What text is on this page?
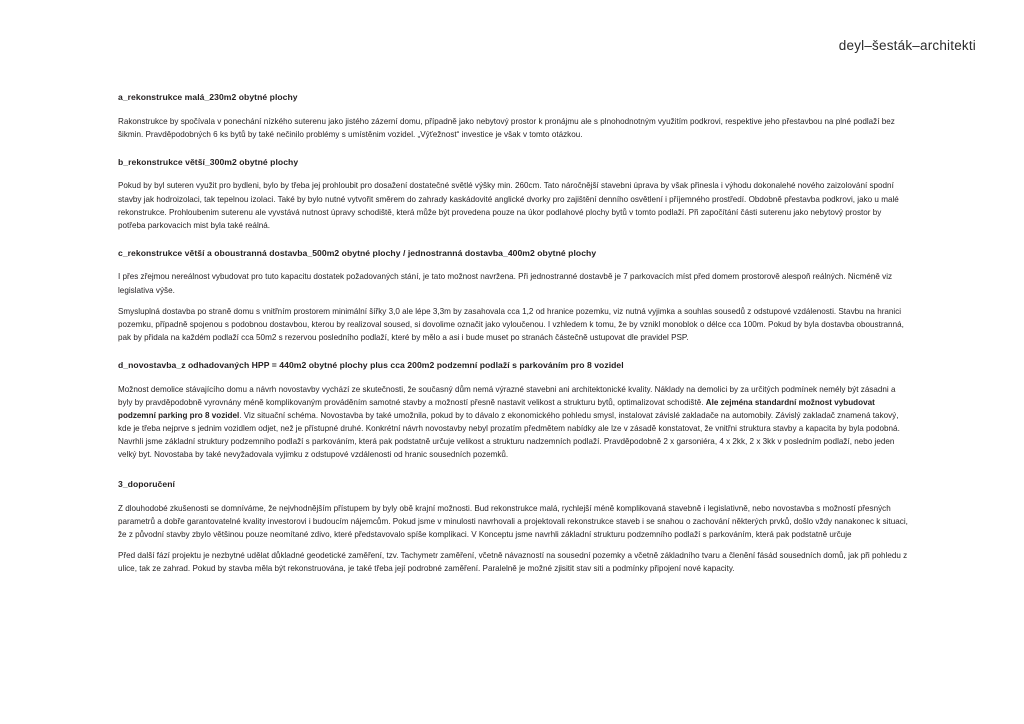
deyl–šesták–architekti
a_rekonstrukce malá_230m2 obytné plochy

Rakonstrukce by spočívala v ponechání nízkého suterenu jako jistého zázerní domu, případně jako nebytový prostor k pronájmu ale s plnohodnotným využitím podkrovi, respektive jeho přestavbou na plné podlaží bez šikmin. Pravděpodobných 6 ks bytů by také nečinilo problémy s umístěnim vozidel. „Výťežnost“ investice je však v tomto otázkou.

b_rekonstrukce větší_300m2 obytné plochy

Pokud by byl suteren využit pro bydleni, bylo by třeba jej prohloubit pro dosažení dostatečné světlé výšky min. 260cm. Tato náročnější stavebni úprava by však přinesla i výhodu dokonalehé nového zaizolování spodní stavby jak hodroizolaci, tak tepelnou izolaci. Také by bylo nutné vytvořit směrem do zahrady kaskádovité anglické dvorky pro zajištění denního osvětlení i příjemného prostředí. Obdobně přestavba podkrovi, jako u malé rekonstrukce. Prohloubenim suterenu ale vyvstává nutnost úpravy schodiště, která může být provedena pouze na úkor podlahové plochy bytů v tomto podlaží. Při započítání části suterenu jako nebytový prostor by potřeba parkovacich mist byla také reálná.

c_rekonstrukce větší a oboustranná dostavba_500m2 obytné plochy / jednostranná dostavba_400m2 obytné plochy

I přes zřejmou nereálnost vybudovat pro tuto kapacitu dostatek požadovaných stání, je tato možnost navržena. Při jednostranné dostavbě je 7 parkovacích míst před domem prostorově alespoň reálných. Nicméně viz legislativa výše.

Smysluplná dostavba po straně domu s vnitřním prostorem minimální šířky 3,0 ale lépe 3,3m by zasahovala cca 1,2 od hranice pozemku, viz nutná vyjimka a souhlas sousedů z odstupové vzdálenosti. Stavbu na hranici pozemku, případně spojenou s podobnou dostavbou, kterou by realizoval soused, si dovolime označit jako vyloučenou. I vzhledem k tomu, že by vznikl monoblok o délce cca 100m. Pokud by byla dostavba oboustranná, pak by přidala na každém podlaží cca 50m2 s rezervou posledního podlaží, které by mělo a asi i bude muset po stranách částečně ustupovat dle pravidel PSP.

d_novostavba_z odhadovaných HPP = 440m2 obytné plochy plus cca 200m2 podzemní podlaží s parkováním pro 8 vozidel

Možnost demolice stávajícího domu a návrh novostavby vychází ze skutečnosti, že současný dům nemá výrazné stavebni ani architektonické kvality. Náklady na demolici by za určitých podmínek nemély být zásadni a byly by pravděpodobně vyrovnány méně komplikovaným prováděním samotné stavby a možností přesně nastavit velikost a strukturu bytů, optimalizovat schodiště. Ale zejména standardní možnost vybudovat podzemní parking pro 8 vozidel. Viz situační schéma. Novostavba by také umožnila, pokud by to dávalo z ekonomického pohledu smysl, instalovat závislé zakladače na automobily. Závislý zakladač znamená takový, kde je třeba nejprve s jednim vozidlem odjet, než je přístupné druhé. Konkrétní návrh novostavby nebyl prozatím předmětem nabídky ale lze v zásadě konstatovat, že vnitřni struktura stavby a kapacita by byla podobná.

Navrhli jsme základní struktury podzemniho podlaží s parkováním, která pak podstatně určuje velikost a strukturu nadzemních podlaží. Pravděpodobně 2 x garsoniéra, 4 x 2kk, 2 x 3kk v posledním podlaží, nebo jeden velký byt. Novostaba by také nevyžadovala vyjimku z odstupové vzdálenosti od hranic sousedních pozemků.

3_doporučení

Z dlouhodobé zkušenosti se domníváme, že nejvhodnějším přístupem by byly obě krajní možnosti. Bud rekonstrukce malá, rychlejší méně komplikovaná stavebně i legislativně, nebo novostavba s možností přesných parametrů a dobře garantovatelné kvality investorovi i budoucím nájemcům. Pokud jsme v minulosti navrhovali a projektovali rekonstrukce staveb i se snahou o zachování některých prvků, došlo vždy nanakonec k situaci, že z původní stavby zbylo většinou pouze neomítané zdivo, které představovalo spíše komplikaci. V Konceptu jsme navrhli základní strukturu podzemního podlaží s parkováním, která pak podstatně určuje

Před další fází projektu je nezbytné udělat důkladné geodetické zaměření, tzv. Tachymetr zaměření, včetně návazností na sousední pozemky a včetně základního tvaru a členění fásád sousedních domů, jak při pohledu z ulice, tak ze zahrad. Pokud by stavba měla být rekonstruována, je také třeba její podrobné zaměření. Paralelně je možné zjisitit stav siti a podmínky připojení nové kapacity.
